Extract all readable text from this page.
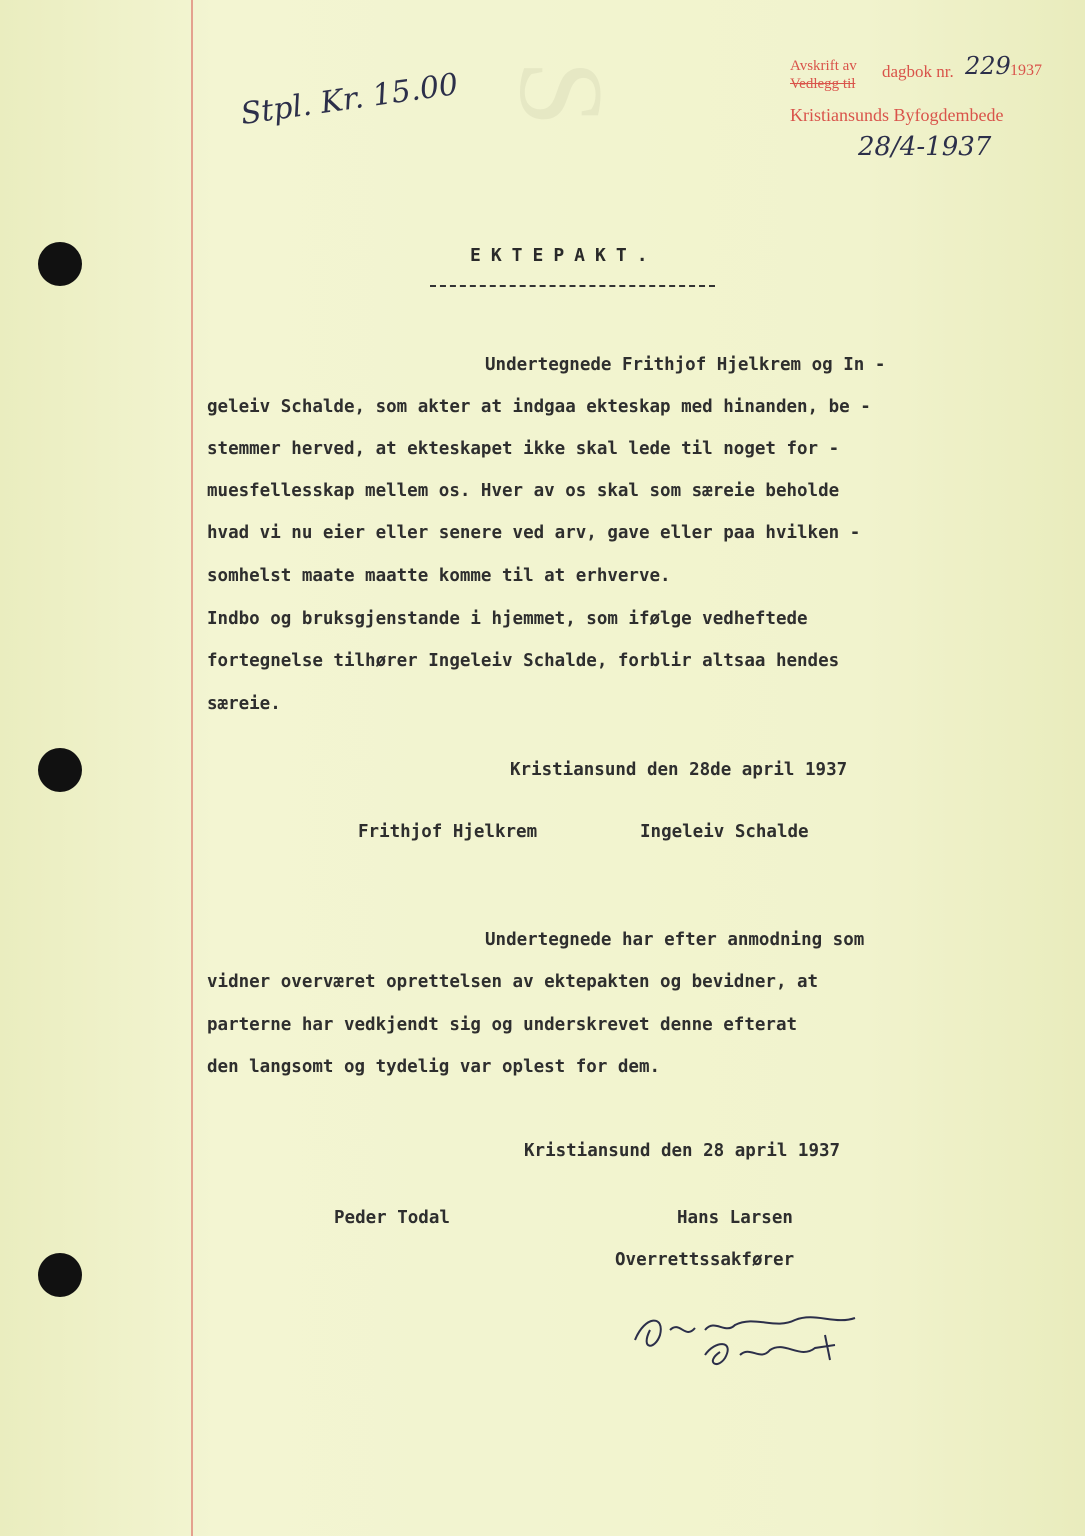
S	Avskrift av
Vedlegg til
dagbok nr. 229 1937
Kristiansunds Byfogdembede
28/4-1937
Stpl. Kr. 15.00
EKTEPAKT.
Undertegnede Frithjof Hjelkrem og In -
geleiv Schalde, som akter at indgaa ekteskap med hinanden, be -
stemmer herved, at ekteskapet ikke skal lede til noget for -
muesfellesskap mellem os. Hver av os skal som særeie beholde
hvad vi nu eier eller senere ved arv, gave eller paa hvilken -
somhelst maate maatte komme til at erhverve.
Indbo og bruksgjenstande i hjemmet, som ifølge vedheftede
fortegnelse tilhører Ingeleiv Schalde, forblir altsaa hendes
særeie.
Kristiansund den 28de april 1937
Frithjof Hjelkrem	Ingeleiv Schalde
Undertegnede har efter anmodning som
vidner overværet oprettelsen av ektepakten og bevidner, at
parterne har vedkjendt sig og underskrevet denne efterat
den langsomt og tydelig var oplest for dem.
Kristiansund den 28 april 1937
Peder Todal	Hans Larsen
Overrettssakfører
